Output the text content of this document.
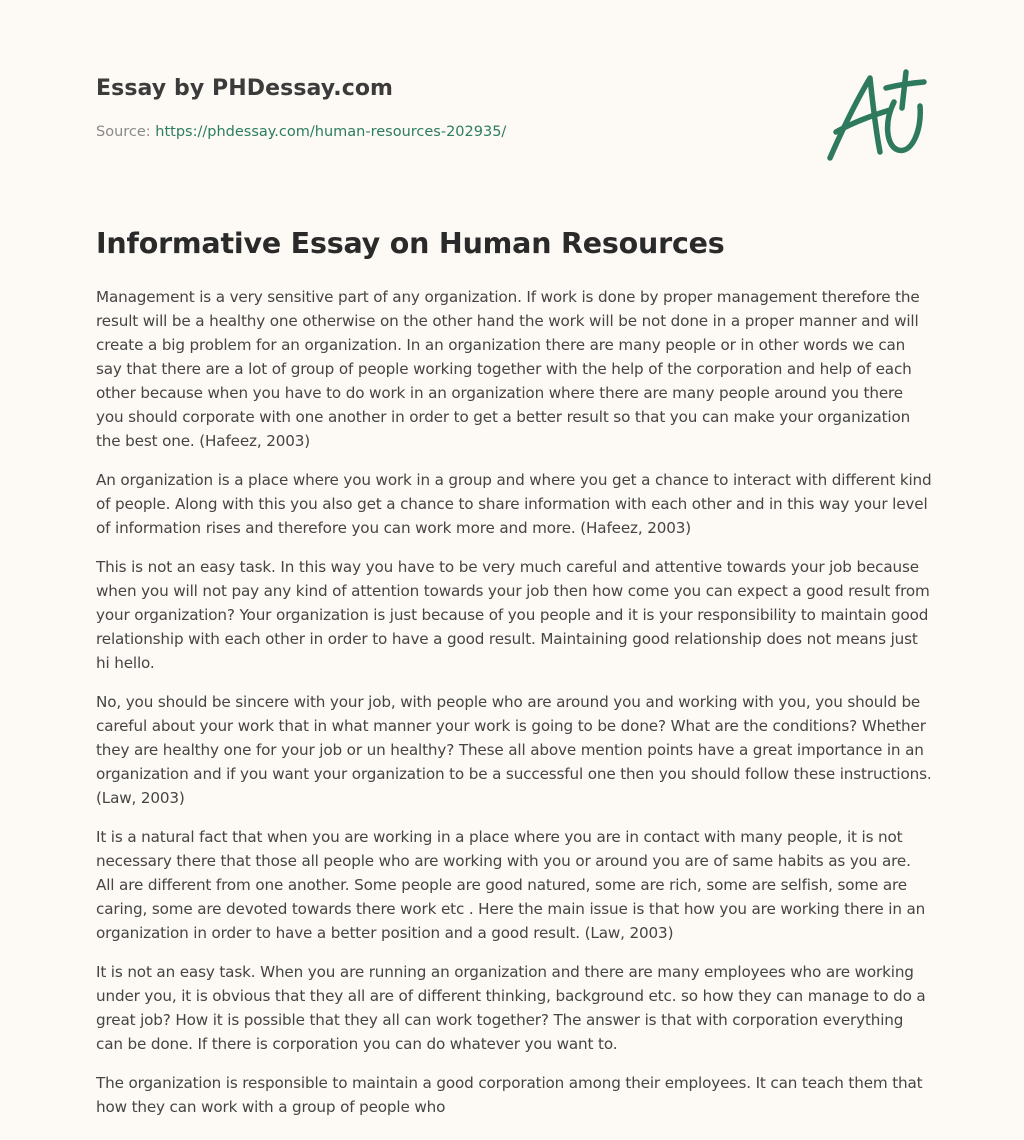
Essay by PHDessay.com
Source: https://phdessay.com/human-resources-202935/
Informative Essay on Human Resources

Management is a very sensitive part of any organization. If work is done by proper management therefore the result will be a healthy one otherwise on the other hand the work will be not done in a proper manner and will create a big problem for an organization. In an organization there are many people or in other words we can say that there are a lot of group of people working together with the help of the corporation and help of each other because when you have to do work in an organization where there are many people around you there you should corporate with one another in order to get a better result so that you can make your organization the best one. (Hafeez, 2003)

An organization is a place where you work in a group and where you get a chance to interact with different kind of people. Along with this you also get a chance to share information with each other and in this way your level of information rises and therefore you can work more and more. (Hafeez, 2003)

This is not an easy task. In this way you have to be very much careful and attentive towards your job because when you will not pay any kind of attention towards your job then how come you can expect a good result from your organization? Your organization is just because of you people and it is your responsibility to maintain good relationship with each other in order to have a good result. Maintaining good relationship does not means just hi hello.

No, you should be sincere with your job, with people who are around you and working with you, you should be careful about your work that in what manner your work is going to be done? What are the conditions? Whether they are healthy one for your job or un healthy? These all above mention points have a great importance in an organization and if you want your organization to be a successful one then you should follow these instructions. (Law, 2003)

It is a natural fact that when you are working in a place where you are in contact with many people, it is not necessary there that those all people who are working with you or around you are of same habits as you are. All are different from one another. Some people are good natured, some are rich, some are selfish, some are caring, some are devoted towards there work etc . Here the main issue is that how you are working there in an organization in order to have a better position and a good result. (Law, 2003)

It is not an easy task. When you are running an organization and there are many employees who are working under you, it is obvious that they all are of different thinking, background etc. so how they can manage to do a great job? How it is possible that they all can work together? The answer is that with corporation everything can be done. If there is corporation you can do whatever you want to.

The organization is responsible to maintain a good corporation among their employees. It can teach them that how they can work with a group of people who
